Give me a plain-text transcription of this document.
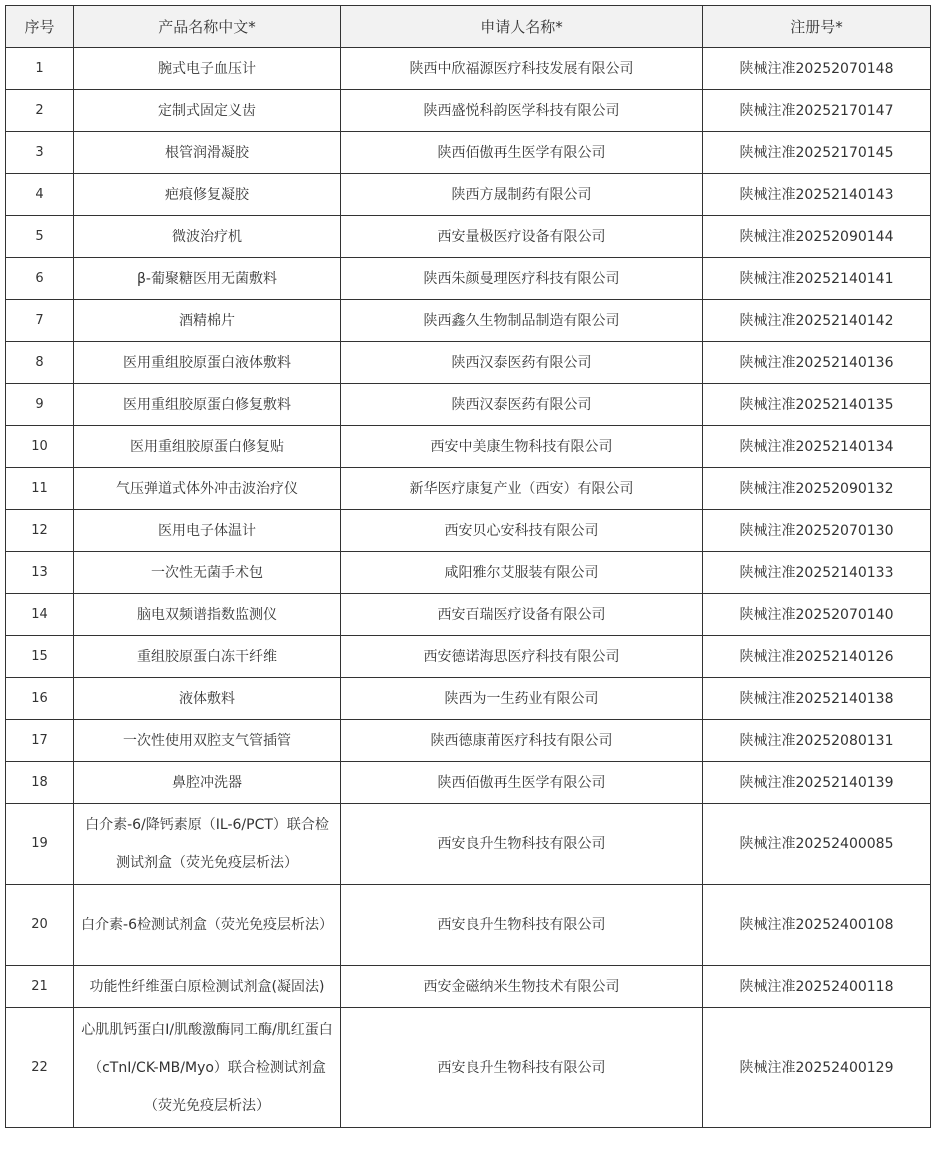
序号	产品名称中文*	申请人名称*	注册号*
1	腕式电子血压计	陕西中欣福源医疗科技发展有限公司	陕械注准20252070148
2	定制式固定义齿	陕西盛悦科韵医学科技有限公司	陕械注准20252170147
3	根管润滑凝胶	陕西佰傲再生医学有限公司	陕械注准20252170145
4	疤痕修复凝胶	陕西方晟制药有限公司	陕械注准20252140143
5	微波治疗机	西安量极医疗设备有限公司	陕械注准20252090144
6	β-葡聚糖医用无菌敷料	陕西朱颜曼理医疗科技有限公司	陕械注准20252140141
7	酒精棉片	陕西鑫久生物制品制造有限公司	陕械注准20252140142
8	医用重组胶原蛋白液体敷料	陕西汉泰医药有限公司	陕械注准20252140136
9	医用重组胶原蛋白修复敷料	陕西汉泰医药有限公司	陕械注准20252140135
10	医用重组胶原蛋白修复贴	西安中美康生物科技有限公司	陕械注准20252140134
11	气压弹道式体外冲击波治疗仪	新华医疗康复产业（西安）有限公司	陕械注准20252090132
12	医用电子体温计	西安贝心安科技有限公司	陕械注准20252070130
13	一次性无菌手术包	咸阳雅尔艾服装有限公司	陕械注准20252140133
14	脑电双频谱指数监测仪	西安百瑞医疗设备有限公司	陕械注准20252070140
15	重组胶原蛋白冻干纤维	西安德诺海思医疗科技有限公司	陕械注准20252140126
16	液体敷料	陕西为一生药业有限公司	陕械注准20252140138
17	一次性使用双腔支气管插管	陕西德康莆医疗科技有限公司	陕械注准20252080131
18	鼻腔冲洗器	陕西佰傲再生医学有限公司	陕械注准20252140139
19	白介素-6/降钙素原（IL-6/PCT）联合检测试剂盒（荧光免疫层析法）	西安良升生物科技有限公司	陕械注准20252400085
20	白介素-6检测试剂盒（荧光免疫层析法）	西安良升生物科技有限公司	陕械注准20252400108
21	功能性纤维蛋白原检测试剂盒(凝固法)	西安金磁纳米生物技术有限公司	陕械注准20252400118
22	心肌肌钙蛋白I/肌酸激酶同工酶/肌红蛋白（cTnI/CK-MB/Myo）联合检测试剂盒（荧光免疫层析法）	西安良升生物科技有限公司	陕械注准20252400129
